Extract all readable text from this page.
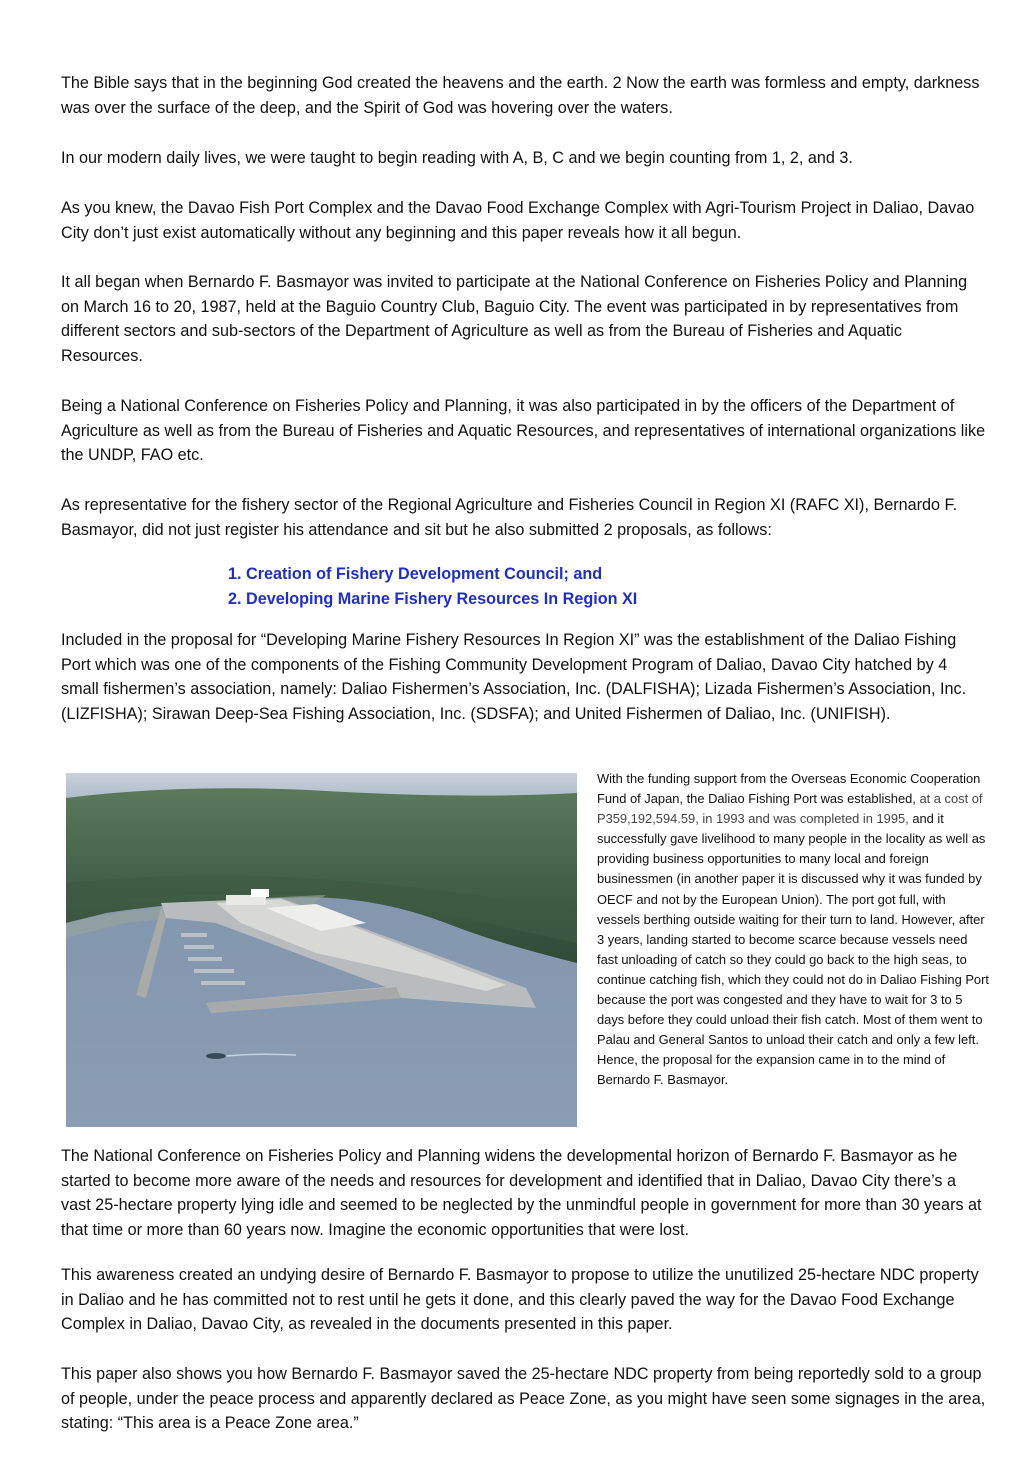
The Bible says that in the beginning God created the heavens and the earth. 2 Now the earth was formless and empty, darkness was over the surface of the deep, and the Spirit of God was hovering over the waters.

In our modern daily lives, we were taught to begin reading with A, B, C and we begin counting from 1, 2, and 3.

As you knew, the Davao Fish Port Complex and the Davao Food Exchange Complex with Agri-Tourism Project in Daliao, Davao City don’t just exist automatically without any beginning and this paper reveals how it all begun.

It all began when Bernardo F. Basmayor was invited to participate at the National Conference on Fisheries Policy and Planning on March 16 to 20, 1987, held at the Baguio Country Club, Baguio City. The event was participated in by representatives from different sectors and sub-sectors of the Department of Agriculture as well as from the Bureau of Fisheries and Aquatic Resources.

Being a National Conference on Fisheries Policy and Planning, it was also participated in by the officers of the Department of Agriculture as well as from the Bureau of Fisheries and Aquatic Resources, and representatives of international organizations like the UNDP, FAO etc.

As representative for the fishery sector of the Regional Agriculture and Fisheries Council in Region XI (RAFC XI), Bernardo F. Basmayor, did not just register his attendance and sit but he also submitted 2 proposals, as follows:

1. Creation of Fishery Development Council; and
2. Developing Marine Fishery Resources In Region XI

Included in the proposal for “Developing Marine Fishery Resources In Region XI” was the establishment of the Daliao Fishing Port which was one of the components of the Fishing Community Development Program of Daliao, Davao City hatched by 4 small fishermen’s association, namely: Daliao Fishermen’s Association, Inc. (DALFISHA); Lizada Fishermen’s Association, Inc. (LIZFISHA); Sirawan Deep-Sea Fishing Association, Inc. (SDSFA); and United Fishermen of Daliao, Inc. (UNIFISH).

With the funding support from the Overseas Economic Cooperation Fund of Japan, the Daliao Fishing Port was established, at a cost of P359,192,594.59, in 1993 and was completed in 1995, and it successfully gave livelihood to many people in the locality as well as providing business opportunities to many local and foreign businessmen (in another paper it is discussed why it was funded by OECF and not by the European Union). The port got full, with vessels berthing outside waiting for their turn to land. However, after 3 years, landing started to become scarce because vessels need fast unloading of catch so they could go back to the high seas, to continue catching fish, which they could not do in Daliao Fishing Port because the port was congested and they have to wait for 3 to 5 days before they could unload their fish catch. Most of them went to Palau and General Santos to unload their catch and only a few left. Hence, the proposal for the expansion came in to the mind of Bernardo F. Basmayor.

The National Conference on Fisheries Policy and Planning widens the developmental horizon of Bernardo F. Basmayor as he started to become more aware of the needs and resources for development and identified that in Daliao, Davao City there’s a vast 25-hectare property lying idle and seemed to be neglected by the unmindful people in government for more than 30 years at that time or more than 60 years now. Imagine the economic opportunities that were lost.

This awareness created an undying desire of Bernardo F. Basmayor to propose to utilize the unutilized 25-hectare NDC property in Daliao and he has committed not to rest until he gets it done, and this clearly paved the way for the Davao Food Exchange Complex in Daliao, Davao City, as revealed in the documents presented in this paper.

This paper also shows you how Bernardo F. Basmayor saved the 25-hectare NDC property from being reportedly sold to a group of people, under the peace process and apparently declared as Peace Zone, as you might have seen some signages in the area, stating: “This area is a Peace Zone area.”
